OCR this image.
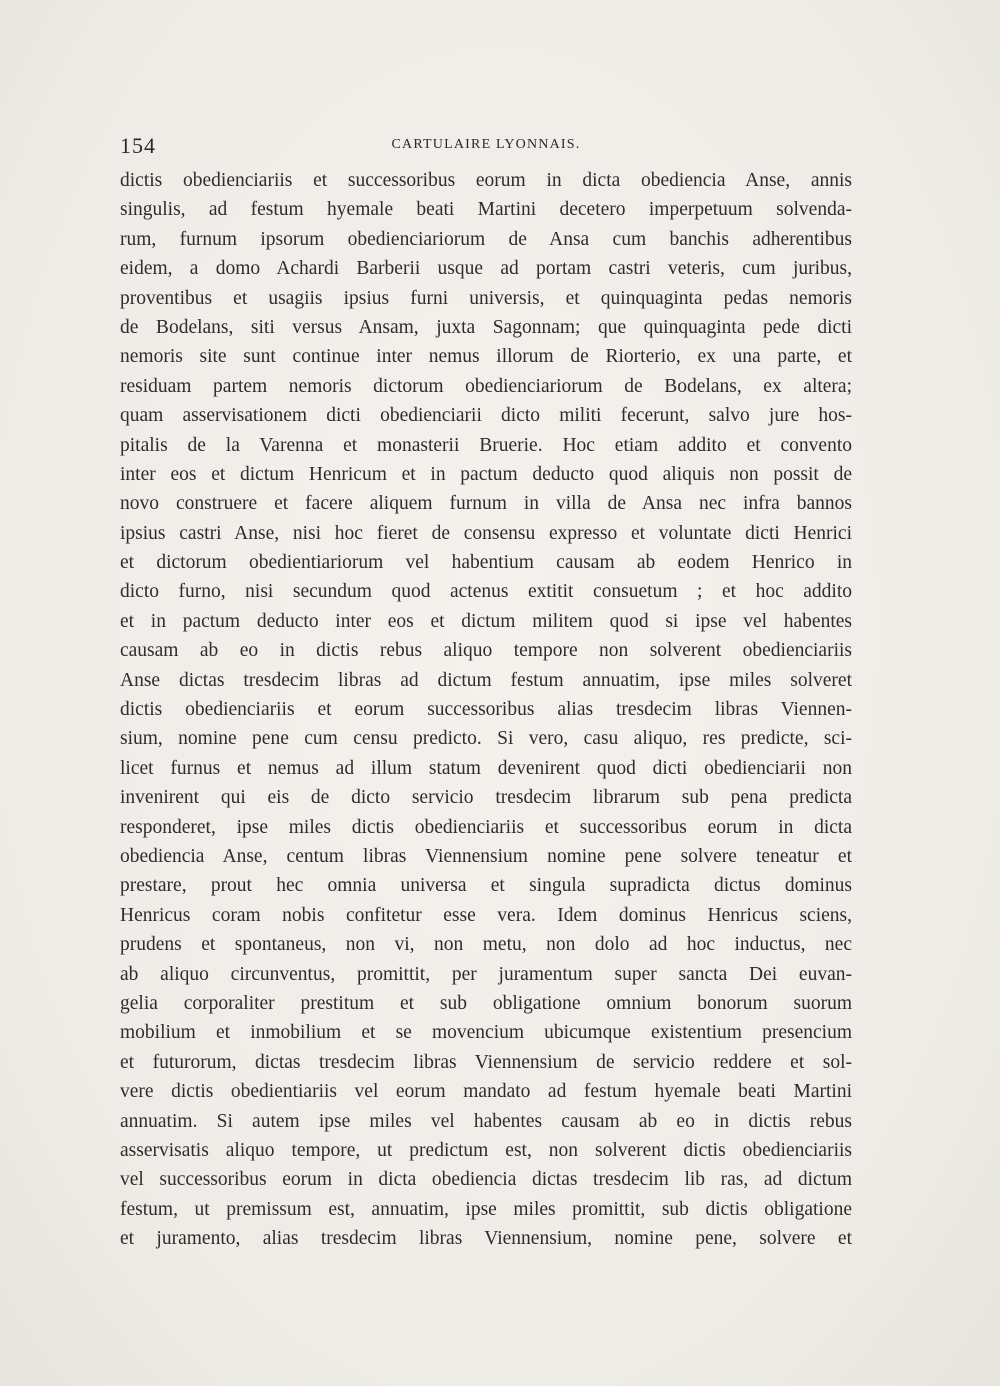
154	CARTULAIRE LYONNAIS.
dictis obedienciariis et successoribus eorum in dicta obediencia Anse, annis
singulis, ad festum hyemale beati Martini decetero imperpetuum solvenda-
rum, furnum ipsorum obedienciariorum de Ansa cum banchis adherentibus
eidem, a domo Achardi Barberii usque ad portam castri veteris, cum juribus,
proventibus et usagiis ipsius furni universis, et quinquaginta pedas nemoris
de Bodelans, siti versus Ansam, juxta Sagonnam; que quinquaginta pede dicti
nemoris site sunt continue inter nemus illorum de Riorterio, ex una parte, et
residuam partem nemoris dictorum obedienciariorum de Bodelans, ex altera;
quam asservisationem dicti obedienciarii dicto militi fecerunt, salvo jure hos-
pitalis de la Varenna et monasterii Bruerie. Hoc etiam addito et convento
inter eos et dictum Henricum et in pactum deducto quod aliquis non possit de
novo construere et facere aliquem furnum in villa de Ansa nec infra bannos
ipsius castri Anse, nisi hoc fieret de consensu expresso et voluntate dicti Henrici
et dictorum obedientiariorum vel habentium causam ab eodem Henrico in
dicto furno, nisi secundum quod actenus extitit consuetum ; et hoc addito
et in pactum deducto inter eos et dictum militem quod si ipse vel habentes
causam ab eo in dictis rebus aliquo tempore non solverent obedienciariis
Anse dictas tresdecim libras ad dictum festum annuatim, ipse miles solveret
dictis obedienciariis et eorum successoribus alias tresdecim libras Viennen-
sium, nomine pene cum censu predicto. Si vero, casu aliquo, res predicte, sci-
licet furnus et nemus ad illum statum devenirent quod dicti obedienciarii non
invenirent qui eis de dicto servicio tresdecim librarum sub pena predicta
responderet, ipse miles dictis obedienciariis et successoribus eorum in dicta
obediencia Anse, centum libras Viennensium nomine pene solvere teneatur et
prestare, prout hec omnia universa et singula supradicta dictus dominus
Henricus coram nobis confitetur esse vera. Idem dominus Henricus sciens,
prudens et spontaneus, non vi, non metu, non dolo ad hoc inductus, nec
ab aliquo circunventus, promittit, per juramentum super sancta Dei euvan-
gelia corporaliter prestitum et sub obligatione omnium bonorum suorum
mobilium et inmobilium et se movencium ubicumque existentium presencium
et futurorum, dictas tresdecim libras Viennensium de servicio reddere et sol-
vere dictis obedientiariis vel eorum mandato ad festum hyemale beati Martini
annuatim. Si autem ipse miles vel habentes causam ab eo in dictis rebus
asservisatis aliquo tempore, ut predictum est, non solverent dictis obedienciariis
vel successoribus eorum in dicta obediencia dictas tresdecim lib ras, ad dictum
festum, ut premissum est, annuatim, ipse miles promittit, sub dictis obligatione
et juramento, alias tresdecim libras Viennensium, nomine pene, solvere et
